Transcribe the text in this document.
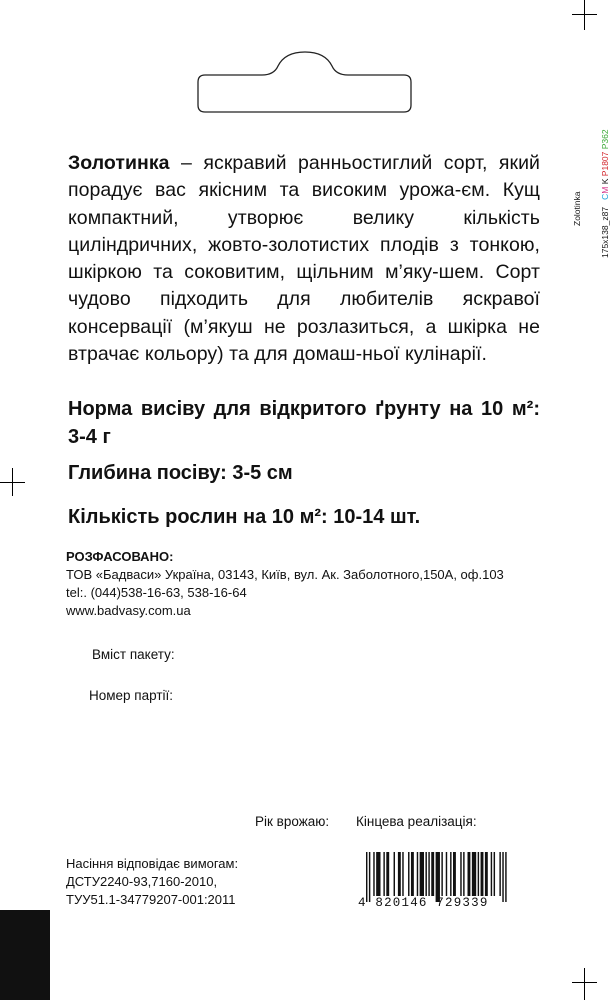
175x138_z87   CM K P1807 P362
Zolotinka
Золотинка – яскравий ранньостиглий сорт, який порадує вас якісним та високим урожа-єм. Кущ компактний, утворює велику кількість циліндричних, жовто-золотистих плодів з тонкою, шкіркою та соковитим, щільним м’яку-шем. Сорт чудово підходить для любителів яскравої консервації (м’якуш не розлазиться, а шкірка не втрачає кольору) та для домаш-ньої кулінарії.
Норма висіву для відкритого ґрунту на 10 м²: 3-4 г
Глибина посіву: 3-5 см
Кількість рослин на 10 м²: 10-14 шт.
РОЗФАСОВАНО:
ТОВ «Бадваси» Україна, 03143, Київ, вул. Ак. Заболотного,150А, оф.103
tel:. (044)538-16-63, 538-16-64
www.badvasy.com.ua
Вміст пакету:
Номер партії:
Рік врожаю: Кінцева реалізація:
Насіння відповідає вимогам:
ДСТУ2240-93,7160-2010,
ТУУ51.1-34779207-001:2011	4 820146 729339
